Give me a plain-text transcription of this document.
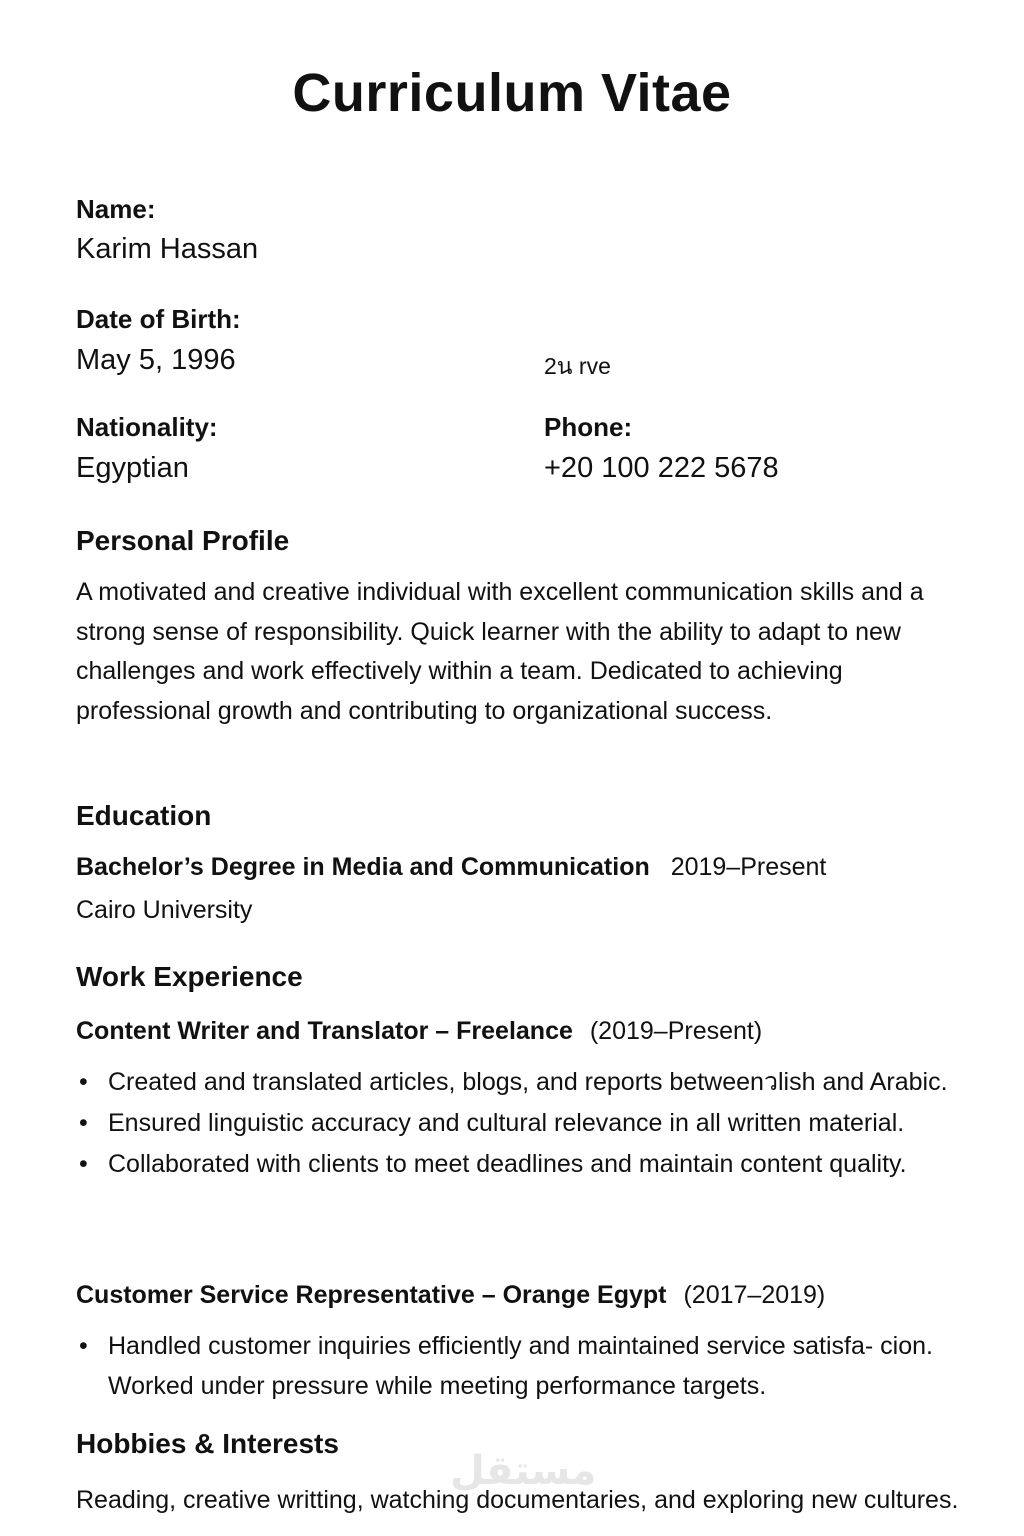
Curriculum Vitae
Name:
Karim Hassan
Date of Birth:
May 5, 1996	2น rve
Nationality:
Egyptian
Phone:
+20 100 222 5678
Personal Profile

A motivated and creative individual with excellent communication skills and a strong sense of responsibility. Quick learner with the ability to adapt to new challenges and work effectively within a team. Dedicated to achieving professional growth and contributing to organizational success.

Education
Bachelor’s Degree in Media and Communication 2019–Present
Cairo University
Work Experience
Content Writer and Translator – Freelance (2019–Present)
• Created and translated articles, blogs, and reports betweenวlish and Arabic.
• Ensured linguistic accuracy and cultural relevance in all written material.
• Collaborated with clients to meet deadlines and maintain content quality.
Customer Service Representative – Orange Egypt (2017–2019)
• Handled customer inquiries efficiently and maintained service satisfa- cion. Worked under pressure while meeting performance targets.
Hobbies & Interests
مستقل

Reading, creative writting, watching documentaries, and exploring new cultures.
